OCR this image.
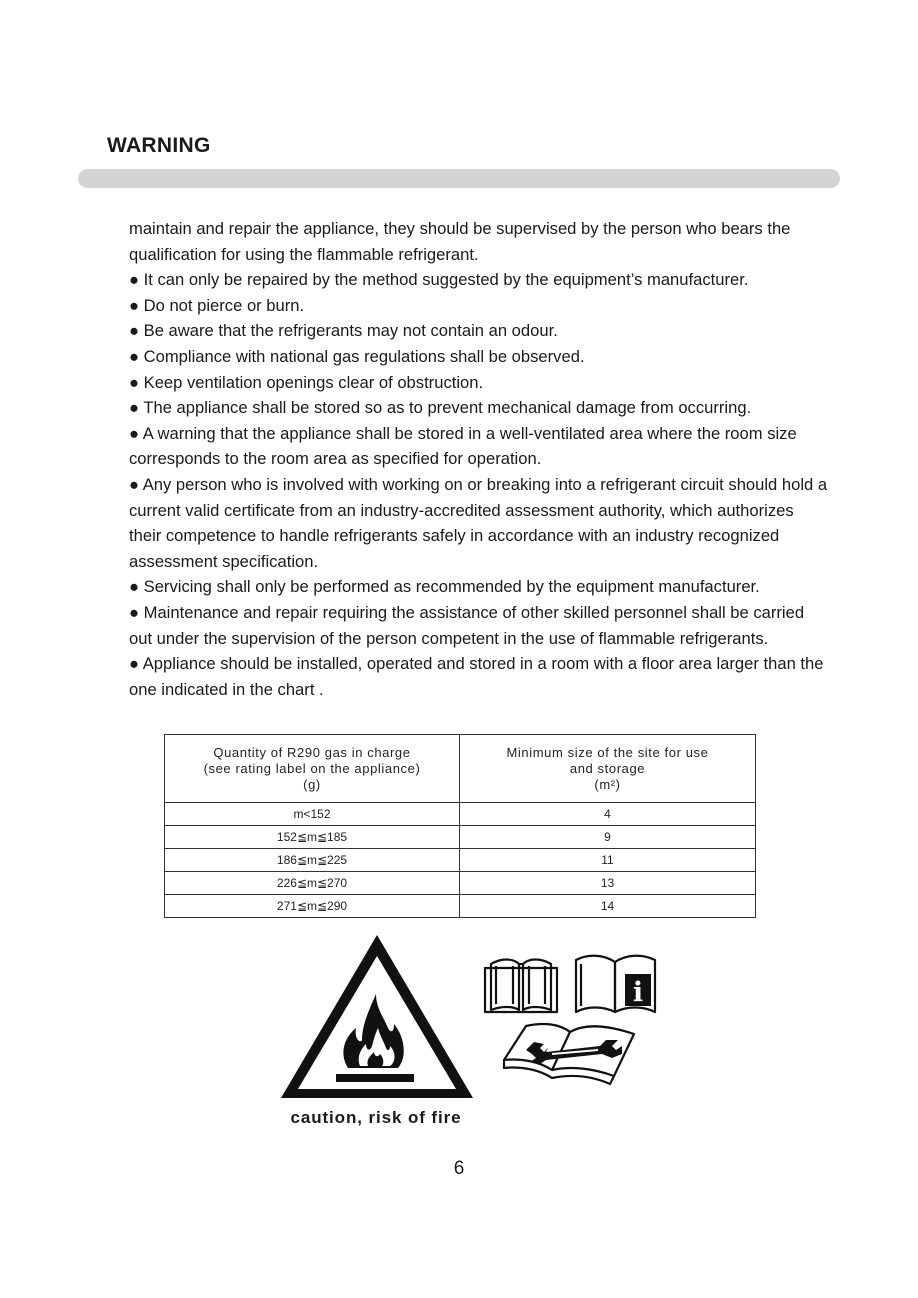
WARNING

maintain and repair the appliance, they should be supervised by the person who bears the qualification for using the flammable refrigerant.

● It can only be repaired by the method suggested by the equipment’s manufacturer.

● Do not pierce or burn.

● Be aware that the refrigerants may not contain an odour.

● Compliance with national gas regulations shall be observed.

● Keep ventilation openings clear of obstruction.

● The appliance shall be stored so as to prevent mechanical damage from occurring.

● A warning that the appliance shall be stored in a well-ventilated area where the room size corresponds to the room area as specified for operation.

● Any person who is involved with working on or breaking into a refrigerant circuit should hold a current valid certificate from an industry-accredited assessment authority, which authorizes their competence to handle refrigerants safely in accordance with an industry recognized assessment specification.

● Servicing shall only be performed as recommended by the equipment manufacturer.

● Maintenance and repair requiring the assistance of other skilled personnel shall be carried out under the supervision of the person competent in the use of flammable refrigerants.

● Appliance should be installed, operated and stored in a room with a floor area larger than the one indicated in the chart .

Quantity of R290 gas in charge
(see rating label on the appliance)
(g)	Minimum size of the site for use
and storage
(m²)

m<152	4
152≦m≦185	9
186≦m≦225	11
226≦m≦270	13
271≦m≦290	14
caution, risk of fire
i
6
